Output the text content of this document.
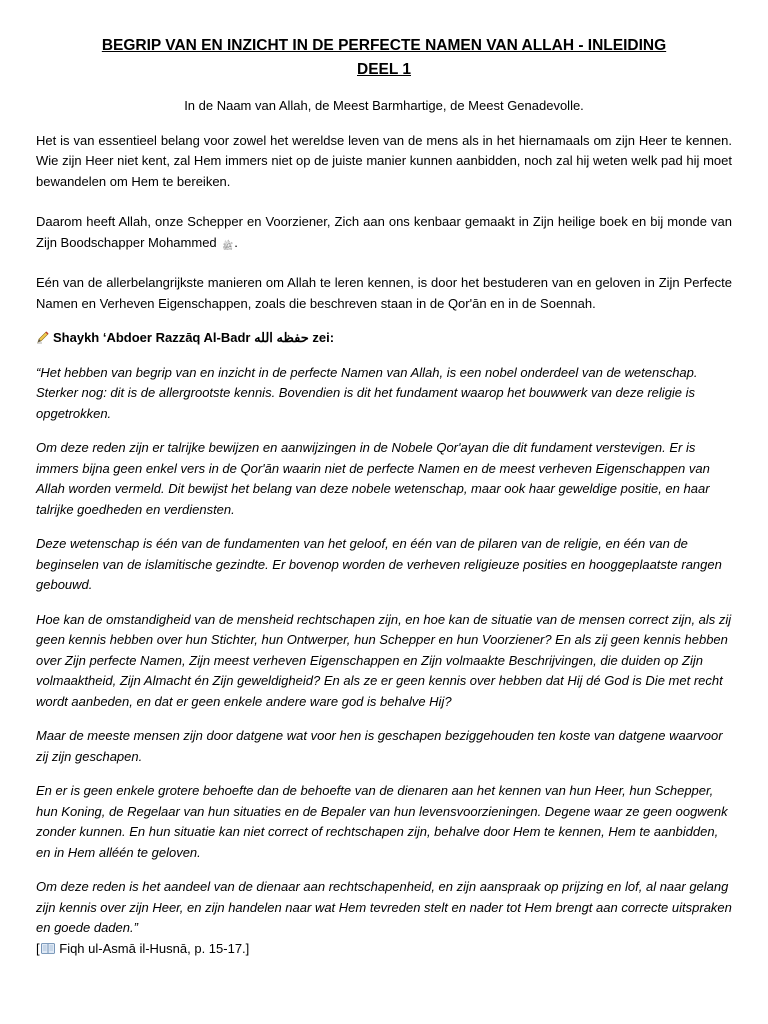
BEGRIP VAN EN INZICHT IN DE PERFECTE NAMEN VAN ALLAH - INLEIDING
DEEL 1
In de Naam van Allah, de Meest Barmhartige, de Meest Genadevolle.

Het is van essentieel belang voor zowel het wereldse leven van de mens als in het hiernamaals om zijn Heer te kennen. Wie zijn Heer niet kent, zal Hem immers niet op de juiste manier kunnen aanbidden, noch zal hij weten welk pad hij moet bewandelen om Hem te bereiken.

Daarom heeft Allah, onze Schepper en Voorziener, Zich aan ons kenbaar gemaakt in Zijn heilige boek en bij monde van Zijn Boodschapper Mohammed ﷺ.

Eén van de allerbelangrijkste manieren om Allah te leren kennen, is door het bestuderen van en geloven in Zijn Perfecte Namen en Verheven Eigenschappen, zoals die beschreven staan in de Qor'ān en in de Soennah.

Shaykh ‘Abdoer Razzāq Al-Badr حفظه الله zei:

“Het hebben van begrip van en inzicht in de perfecte Namen van Allah, is een nobel onderdeel van de wetenschap. Sterker nog: dit is de allergrootste kennis. Bovendien is dit het fundament waarop het bouwwerk van deze religie is opgetrokken.

Om deze reden zijn er talrijke bewijzen en aanwijzingen in de Nobele Qor'ayan die dit fundament verstevigen. Er is immers bijna geen enkel vers in de Qor'ān waarin niet de perfecte Namen en de meest verheven Eigenschappen van Allah worden vermeld. Dit bewijst het belang van deze nobele wetenschap, maar ook haar geweldige positie, en haar talrijke goedheden en verdiensten.

Deze wetenschap is één van de fundamenten van het geloof, en één van de pilaren van de religie, en één van de beginselen van de islamitische gezindte. Er bovenop worden de verheven religieuze posities en hooggeplaatste rangen gebouwd.

Hoe kan de omstandigheid van de mensheid rechtschapen zijn, en hoe kan de situatie van de mensen correct zijn, als zij geen kennis hebben over hun Stichter, hun Ontwerper, hun Schepper en hun Voorziener? En als zij geen kennis hebben over Zijn perfecte Namen, Zijn meest verheven Eigenschappen en Zijn volmaakte Beschrijvingen, die duiden op Zijn volmaaktheid, Zijn Almacht én Zijn geweldigheid? En als ze er geen kennis over hebben dat Hij dé God is Die met recht wordt aanbeden, en dat er geen enkele andere ware god is behalve Hij?

Maar de meeste mensen zijn door datgene wat voor hen is geschapen beziggehouden ten koste van datgene waarvoor zij zijn geschapen.

En er is geen enkele grotere behoefte dan de behoefte van de dienaren aan het kennen van hun Heer, hun Schepper, hun Koning, de Regelaar van hun situaties en de Bepaler van hun levensvoorzieningen. Degene waar ze geen oogwenk zonder kunnen. En hun situatie kan niet correct of rechtschapen zijn, behalve door Hem te kennen, Hem te aanbidden, en in Hem alléén te geloven.

Om deze reden is het aandeel van de dienaar aan rechtschapenheid, en zijn aanspraak op prijzing en lof, al naar gelang zijn kennis over zijn Heer, en zijn handelen naar wat Hem tevreden stelt en nader tot Hem brengt aan correcte uitspraken en goede daden.”

[ Fiqh ul-Asmā il-Husnā, p. 15-17.]
